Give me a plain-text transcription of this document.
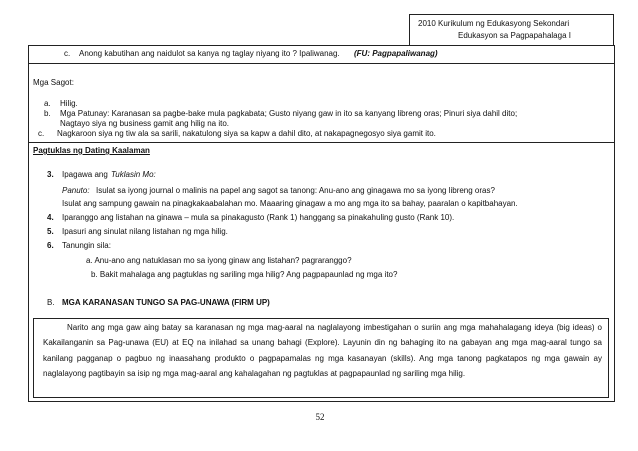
2010 Kurikulum ng Edukasyong Sekondari
Edukasyon sa Pagpapahalaga I
c. Anong kabutihan ang naidulot sa kanya ng taglay niyang ito ? Ipaliwanag. (FU: Pagpapaliwanag)
Mga Sagot:
a. Hilig.
b. Mga Patunay: Karanasan sa pagbe-bake mula pagkabata; Gusto niyang gaw in ito sa kanyang libreng oras; Pinuri siya dahil dito;
Nagtayo siya ng business gamit ang hilig na ito.
c. Nagkaroon siya ng tiw ala sa sarili, nakatulong siya sa kapw a dahil dito, at nakapagnegosyo siya gamit ito.
Pagtuklas ng Dating Kaalaman
3. Ipagawa ang Tuklasin Mo:
Panuto: Isulat sa iyong journal o malinis na papel ang sagot sa tanong: Anu-ano ang ginagawa mo sa iyong libreng oras?
Isulat ang sampung gawain na pinagkakaabalahan mo. Maaaring ginagaw a mo ang mga ito sa bahay, paaralan o kapitbahayan.
4. Iparanggo ang listahan na ginawa – mula sa pinakagusto (Rank 1) hanggang sa pinakahuling gusto (Rank 10).
5. Ipasuri ang sinulat nilang listahan ng mga hilig.
6. Tanungin sila:
a. Anu-ano ang natuklasan mo sa iyong ginaw ang listahan? pagraranggo?
b. Bakit mahalaga ang pagtuklas ng sariling mga hilig? Ang pagpapaunlad ng mga ito?
B. MGA KARANASAN TUNGO SA PAG-UNAWA (FIRM UP)
Narito ang mga gaw aing batay sa karanasan ng mga mag-aaral na naglalayong imbestigahan o suriin ang mga mahahalagang ideya (big ideas) o Kakailanganin sa Pag-unawa (EU) at EQ na inilahad sa unang bahagi (Explore). Layunin din ng bahaging ito na gabayan ang mga mag-aaral tungo sa kanilang pagganap o pagbuo ng inaasahang produkto o pagpapamalas ng mga kasanayan (skills). Ang mga tanong pagkatapos ng mga gawain ay naglalayong pagtibayin sa isip ng mga mag-aaral ang kahalagahan ng pagtuklas at pagpapaunlad ng sariling mga hilig.
52
